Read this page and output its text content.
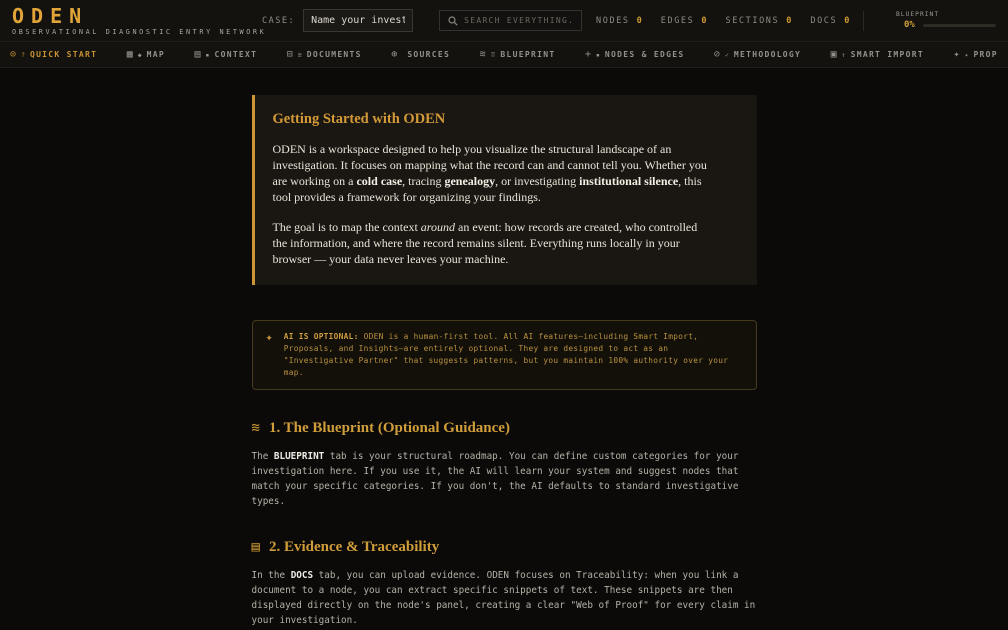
ODEN
OBSERVATIONAL DIAGNOSTIC ENTRY NETWORK
CASE:
Name your invest
SEARCH EVERYTHING...	NODES 0 EDGES 0 SECTIONS 0 DOCS 0
BLUEPRINT
0%
⊙ ? QUICK START	▦ ◆ MAP	▤ ▪ CONTEXT	⊟ ≡ DOCUMENTS	⊕ SOURCES	≋ ⠿ BLUEPRINT	+ ▪ NODES & EDGES	⊘ ✓ METHODOLOGY	▣ ↑ SMART IMPORT	✦ ✦ PROP
Getting Started with ODEN

ODEN is a workspace designed to help you visualize the structural landscape of an investigation. It focuses on mapping what the record can and cannot tell you. Whether you are working on a cold case, tracing genealogy, or investigating institutional silence, this tool provides a framework for organizing your findings.

The goal is to map the context around an event: how records are created, who controlled the information, and where the record remains silent. Everything runs locally in your browser — your data never leaves your machine.

✦ AI IS OPTIONAL: ODEN is a human-first tool. All AI features—including Smart Import, Proposals, and Insights—are entirely optional. They are designed to act as an "Investigative Partner" that suggests patterns, but you maintain 100% authority over your map.

≋ 1. The Blueprint (Optional Guidance)

The BLUEPRINT tab is your structural roadmap. You can define custom categories for your investigation here. If you use it, the AI will learn your system and suggest nodes that match your specific categories. If you don't, the AI defaults to standard investigative types.

▤ 2. Evidence & Traceability

In the DOCS tab, you can upload evidence. ODEN focuses on Traceability: when you link a document to a node, you can extract specific snippets of text. These snippets are then displayed directly on the node's panel, creating a clear "Web of Proof" for every claim in your investigation.
